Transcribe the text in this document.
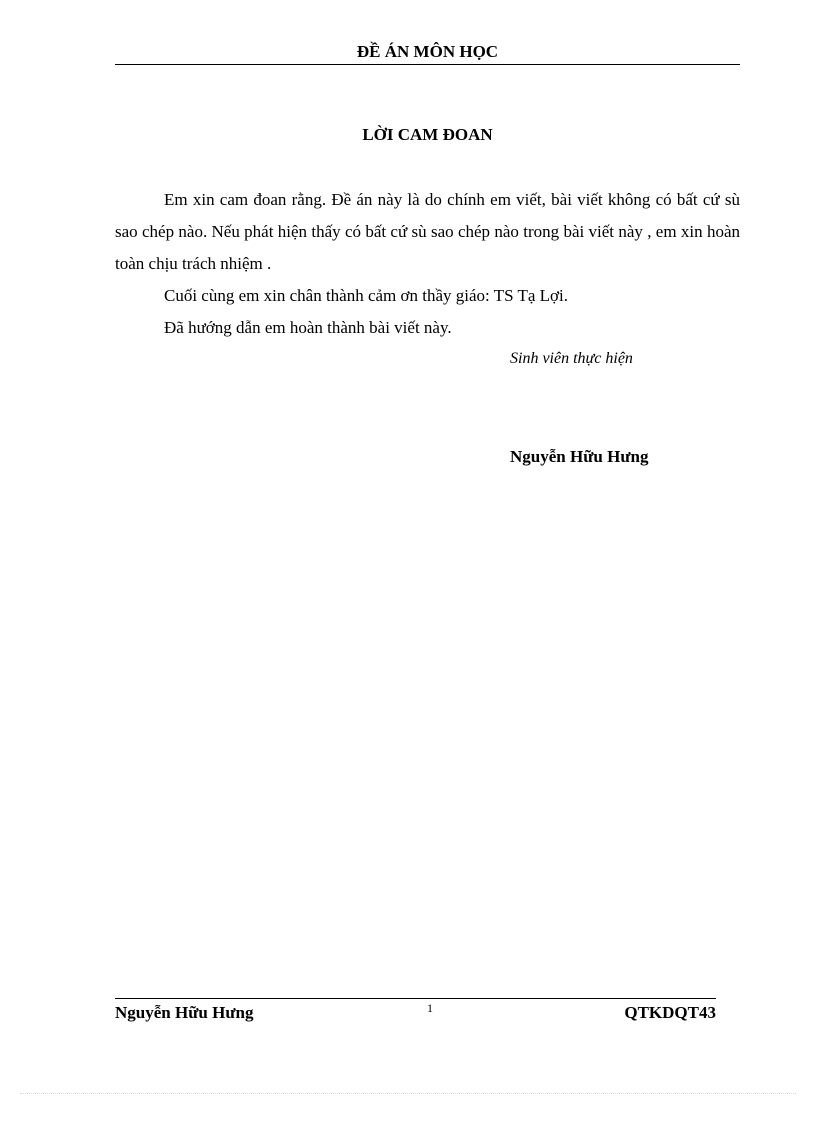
ĐỀ ÁN MÔN HỌC
LỜI CAM ĐOAN

Em xin cam đoan rằng. Đề án này là do chính em viết, bài viết không có bất cứ sù sao chép nào. Nếu phát hiện thấy có bất cứ sù sao chép nào trong bài viết này , em xin hoàn toàn chịu trách nhiệm .

Cuối cùng em xin chân thành cảm ơn thầy giáo: TS Tạ Lợi.

Đã hướng dẫn em hoàn thành bài viết này.

Sinh viên thực hiện
Nguyễn Hữu Hưng
Nguyễn Hữu Hưng	1	QTKDQT43
